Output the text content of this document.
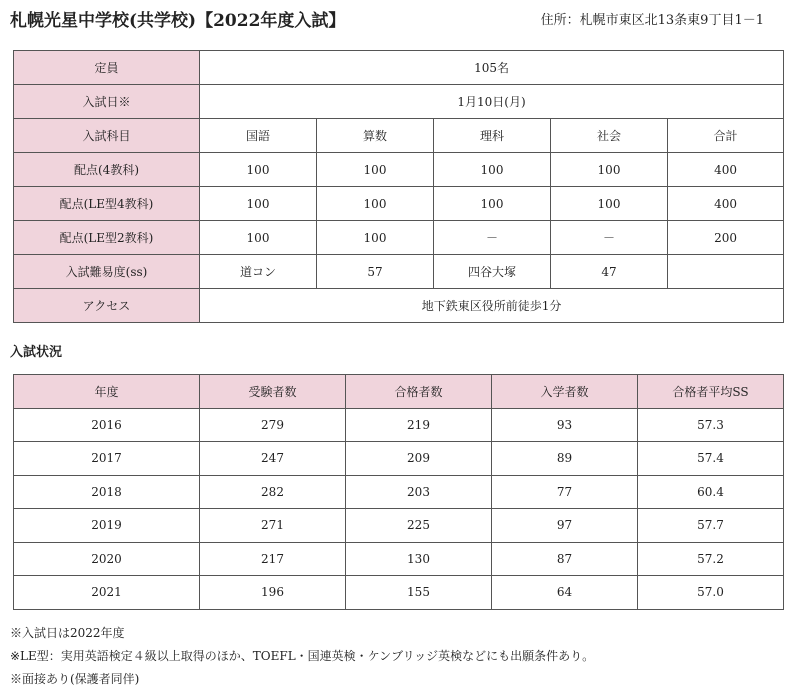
札幌光星中学校(共学校)【2022年度入試】	住所：札幌市東区北13条東9丁目1－1
定員	105名				
入試日※	1月10日(月)				
入試科目	国語	算数	理科	社会	合計
配点(4教科)	100	100	100	100	400
配点(LE型4教科)	100	100	100	100	400
配点(LE型2教科)	100	100	－	－	200
入試難易度(ss)	道コン	57	四谷大塚	47	
アクセス	地下鉄東区役所前徒歩1分				
入試状況
年度	受験者数	合格者数	入学者数	合格者平均SS
2016	279	219	93	57.3
2017	247	209	89	57.4
2018	282	203	77	60.4
2019	271	225	97	57.7
2020	217	130	87	57.2
2021	196	155	64	57.0
※入試日は2022年度
※LE型：実用英語検定４級以上取得のほか、TOEFL・国連英検・ケンブリッジ英検などにも出願条件あり。
※面接あり(保護者同伴)
